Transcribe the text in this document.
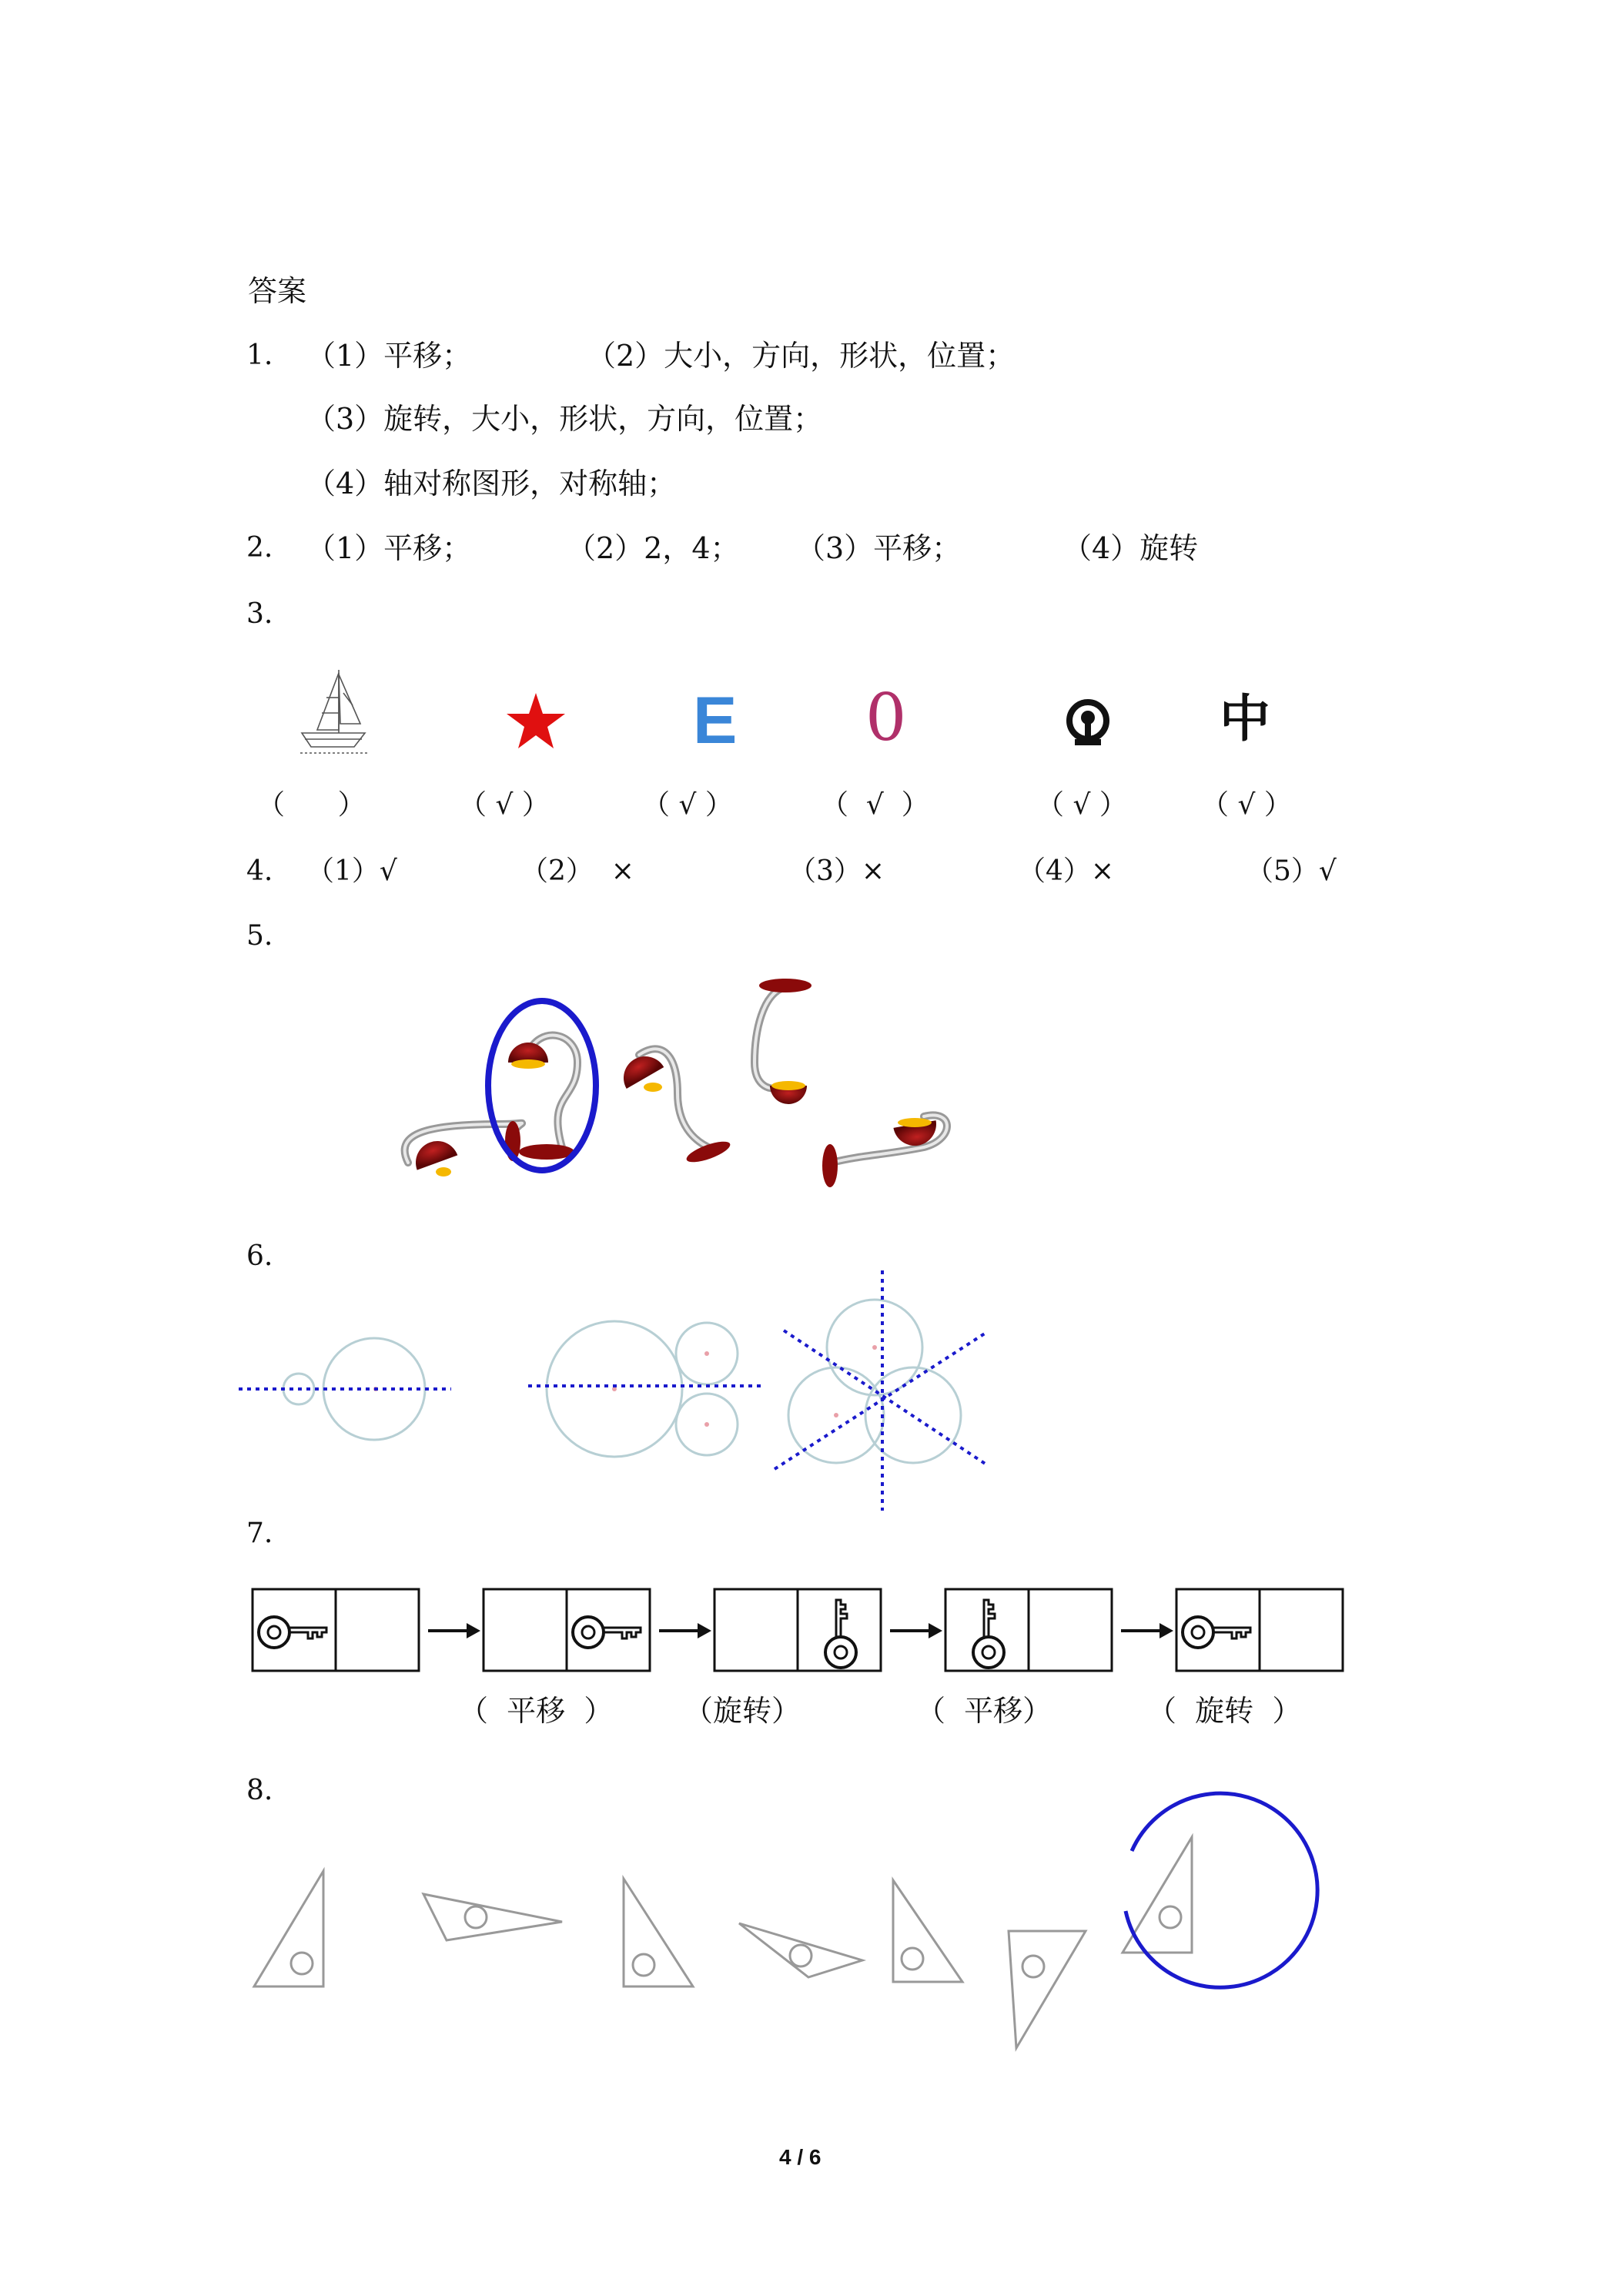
答案
1. （1）平移；	（2）大小，方向，形状，位置；
（3）旋转，大小，形状，方向，位置；
（4）轴对称图形，对称轴；
2. （1）平移；	（2）2，4； （3）平移；	（4）旋转
3.
E 0	中
（      ）	（ √ ）	（ √ ）	（  √  ）	（ √ ）	（ √ ）
4. （1）√	（2）  ×	（3）×	（4）×	（5）√
5.
6.
7.
（  平移  ） （旋转）	（  平移）	（  旋转  ）
8.
4 / 6
